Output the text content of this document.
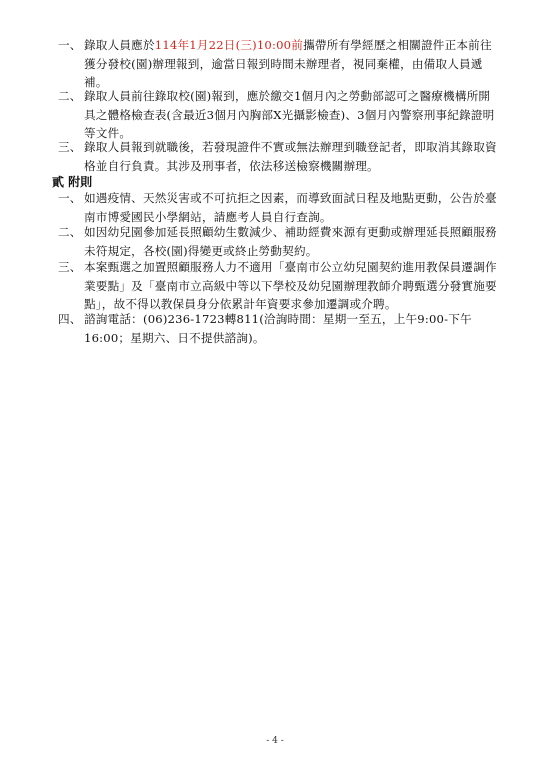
一、 錄取人員應於114年1月22日(三)10:00前攜帶所有學經歷之相關證件正本前往獲分發校(園)辦理報到，逾當日報到時間未辦理者，視同棄權，由備取人員遞補。
二、 錄取人員前往錄取校(園)報到，應於繳交1個月內之勞動部認可之醫療機構所開具之體格檢查表(含最近3個月內胸部X光攝影檢查)、3個月內警察刑事紀錄證明等文件。
三、 錄取人員報到就職後，若發現證件不實或無法辦理到職登記者，即取消其錄取資格並自行負責。其涉及刑事者，依法移送檢察機關辦理。
貳 附則
一、 如遇疫情、天然災害或不可抗拒之因素，而導致面試日程及地點更動，公告於臺南市博愛國民小學網站，請應考人員自行查詢。
二、 如因幼兒園參加延長照顧幼生數減少、補助經費來源有更動或辦理延長照顧服務未符規定，各校(園)得變更或終止勞動契約。
三、 本案甄選之加置照顧服務人力不適用「臺南市公立幼兒園契約進用教保員遷調作業要點」及「臺南市立高級中等以下學校及幼兒園辦理教師介聘甄選分發實施要點」，故不得以教保員身分依累計年資要求參加遷調或介聘。
四、 諮詢電話：(06)236-1723轉811(洽詢時間：星期一至五，上午9:00-下午16:00；星期六、日不提供諮詢)。
- 4 -
